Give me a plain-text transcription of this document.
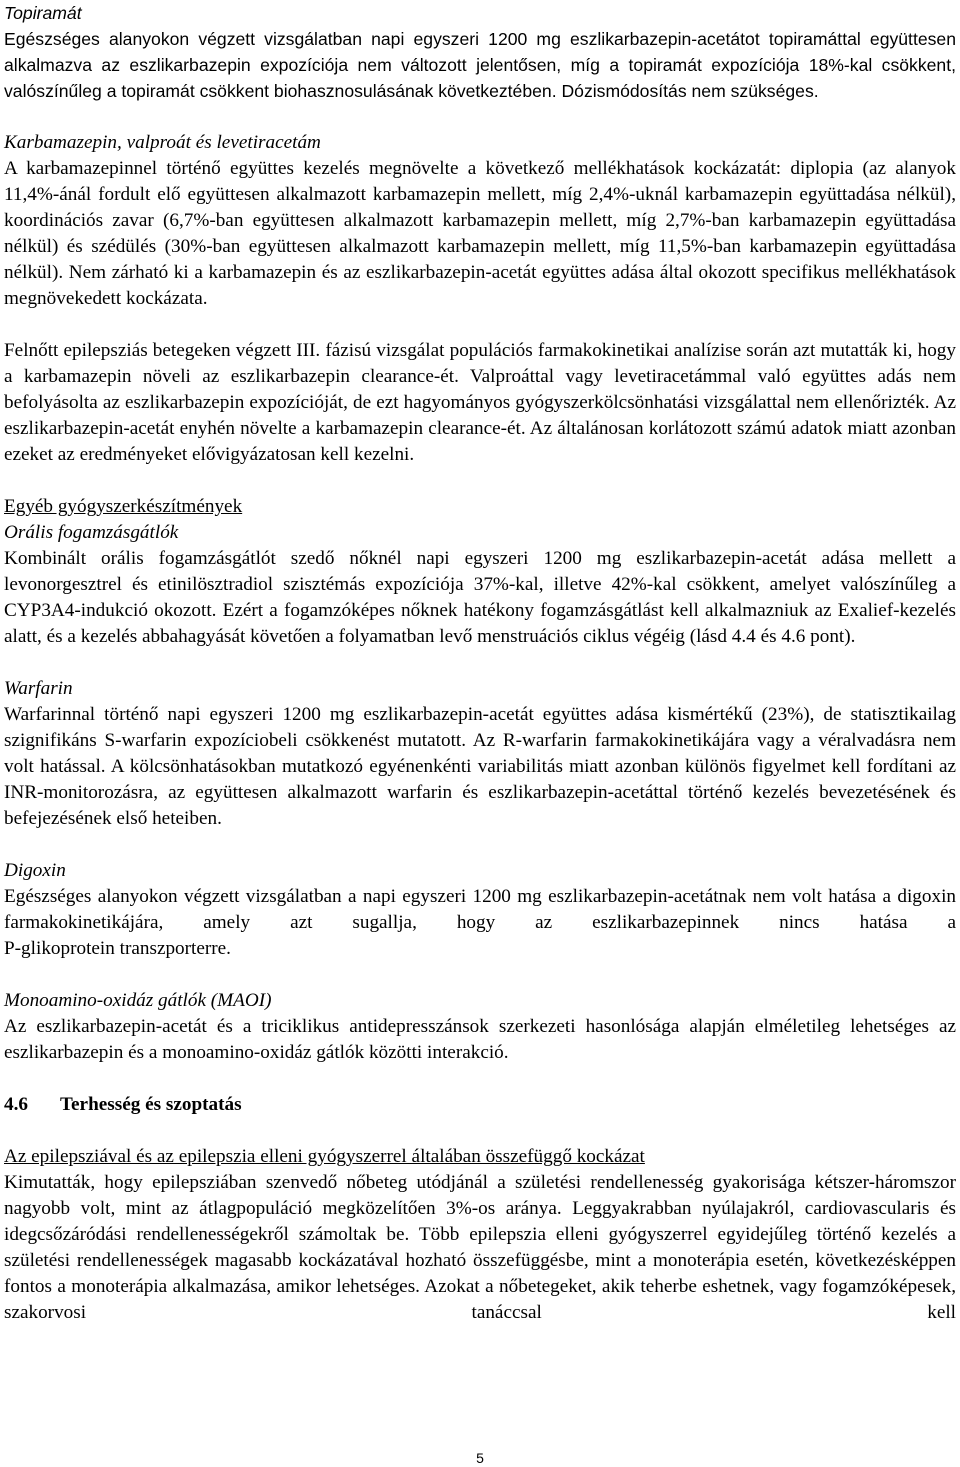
Topiramát

Egészséges alanyokon végzett vizsgálatban napi egyszeri 1200 mg eszlikarbazepin-acetátot topiramáttal együttesen alkalmazva az eszlikarbazepin expozíciója nem változott jelentősen, míg a topiramát expozíciója 18%-kal csökkent, valószínűleg a topiramát csökkent biohasznosulásának következtében. Dózismódosítás nem szükséges.

Karbamazepin, valproát és levetiracetám

A karbamazepinnel történő együttes kezelés megnövelte a következő mellékhatások kockázatát: diplopia (az alanyok 11,4%-ánál fordult elő együttesen alkalmazott karbamazepin mellett, míg 2,4%-uknál karbamazepin együttadása nélkül), koordinációs zavar (6,7%-ban együttesen alkalmazott karbamazepin mellett, míg 2,7%-ban karbamazepin együttadása nélkül) és szédülés (30%-ban együttesen alkalmazott karbamazepin mellett, míg 11,5%-ban karbamazepin együttadása nélkül). Nem zárható ki a karbamazepin és az eszlikarbazepin-acetát együttes adása által okozott specifikus mellékhatások megnövekedett kockázata.

Felnőtt epilepsziás betegeken végzett III. fázisú vizsgálat populációs farmakokinetikai analízise során azt mutatták ki, hogy a karbamazepin növeli az eszlikarbazepin clearance-ét. Valproáttal vagy levetiracetámmal való együttes adás nem befolyásolta az eszlikarbazepin expozícióját, de ezt hagyományos gyógyszerkölcsönhatási vizsgálattal nem ellenőrizték. Az eszlikarbazepin-acetát enyhén növelte a karbamazepin clearance-ét. Az általánosan korlátozott számú adatok miatt azonban ezeket az eredményeket elővigyázatosan kell kezelni.

Egyéb gyógyszerkészítmények

Orális fogamzásgátlók

Kombinált orális fogamzásgátlót szedő nőknél napi egyszeri 1200 mg eszlikarbazepin-acetát adása mellett a levonorgesztrel és etinilösztradiol szisztémás expozíciója 37%-kal, illetve 42%-kal csökkent, amelyet valószínűleg a CYP3A4-indukció okozott. Ezért a fogamzóképes nőknek hatékony fogamzásgátlást kell alkalmazniuk az Exalief-kezelés alatt, és a kezelés abbahagyását követően a folyamatban levő menstruációs ciklus végéig (lásd 4.4 és 4.6 pont).

Warfarin

Warfarinnal történő napi egyszeri 1200 mg eszlikarbazepin-acetát együttes adása kismértékű (23%), de statisztikailag szignifikáns S-warfarin expozíciobeli csökkenést mutatott. Az R-warfarin farmakokinetikájára vagy a véralvadásra nem volt hatással. A kölcsönhatásokban mutatkozó egyénenkénti variabilitás miatt azonban különös figyelmet kell fordítani az INR-monitorozásra, az együttesen alkalmazott warfarin és eszlikarbazepin-acetáttal történő kezelés bevezetésének és befejezésének első heteiben.

Digoxin

Egészséges alanyokon végzett vizsgálatban a napi egyszeri 1200 mg eszlikarbazepin-acetátnak nem volt hatása a digoxin farmakokinetikájára, amely azt sugallja, hogy az eszlikarbazepinnek nincs hatása a

P-glikoprotein transzporterre.

Monoamino-oxidáz gátlók (MAOI)

Az eszlikarbazepin-acetát és a triciklikus antidepresszánsok szerkezeti hasonlósága alapján elméletileg lehetséges az eszlikarbazepin és a monoamino-oxidáz gátlók közötti interakció.

4.6 Terhesség és szoptatás

Az epilepsziával és az epilepszia elleni gyógyszerrel általában összefüggő kockázat

Kimutatták, hogy epilepsziában szenvedő nőbeteg utódjánál a születési rendellenesség gyakorisága kétszer-háromszor nagyobb volt, mint az átlagpopuláció megközelítően 3%-os aránya. Leggyakrabban nyúlajakról, cardiovascularis és idegcsőzáródási rendellenességekről számoltak be. Több epilepszia elleni gyógyszerrel egyidejűleg történő kezelés a születési rendellenességek magasabb kockázatával hozható összefüggésbe, mint a monoterápia esetén, következésképpen fontos a monoterápia alkalmazása, amikor lehetséges. Azokat a nőbetegeket, akik teherbe eshetnek, vagy fogamzóképesek, szakorvosi tanáccsal kell

5
